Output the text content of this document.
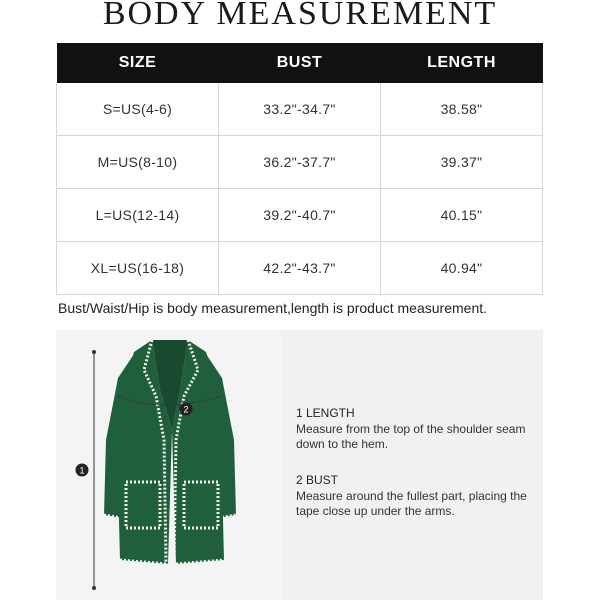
BODY MEASUREMENT
SIZE	BUST	LENGTH
S=US(4-6)	33.2"-34.7"	38.58"
M=US(8-10)	36.2"-37.7"	39.37"
L=US(12-14)	39.2"-40.7"	40.15"
XL=US(16-18)	42.2"-43.7"	40.94"
Bust/Waist/Hip is body measurement,length is product measurement.
1
2	1 LENGTH
Measure from the top of the shoulder seam down to the hem.
2 BUST
Measure around the fullest part, placing the tape close up under the arms.
